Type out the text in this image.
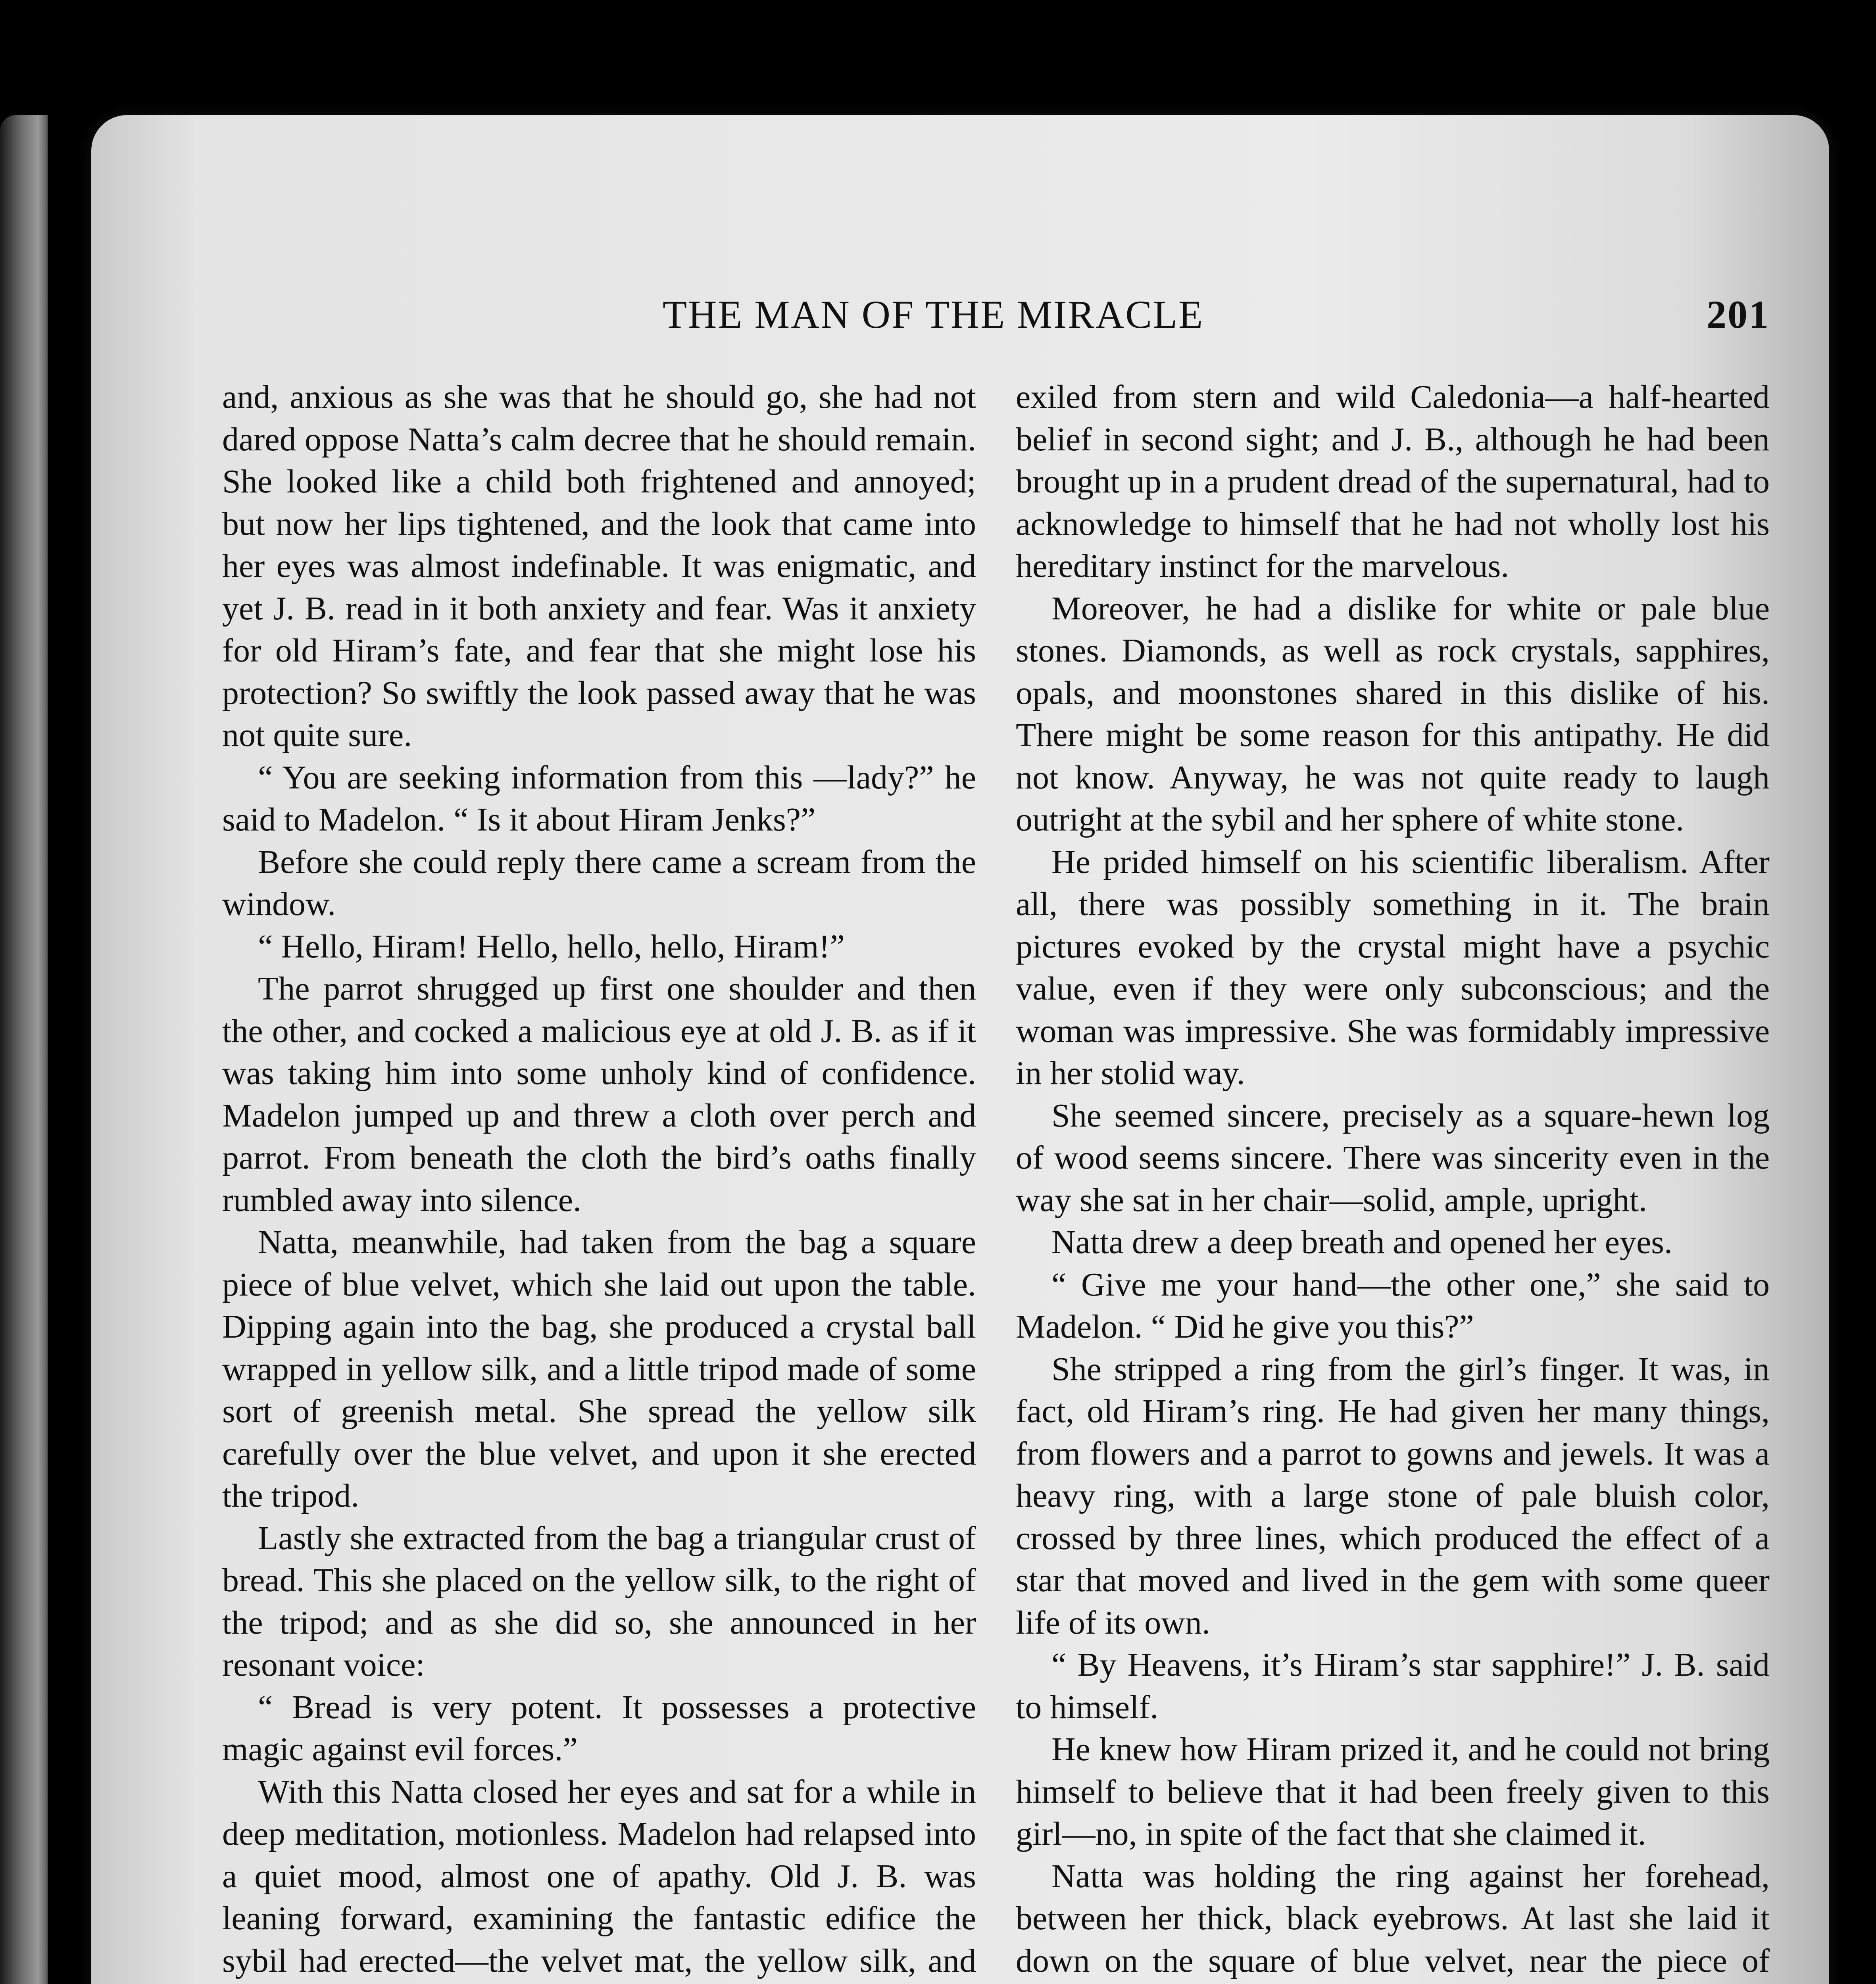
THE MAN OF THE MIRACLE	201

and, anxious as she was that he should go, she had not dared oppose Natta’s calm decree that he should remain. She looked like a child both frightened and annoyed; but now her lips tightened, and the look that came into her eyes was almost indefinable. It was enigmatic, and yet J. B. read in it both anxiety and fear. Was it anxiety for old Hiram’s fate, and fear that she might lose his protection? So swiftly the look passed away that he was not quite sure.

“ You are seeking information from this —lady?” he said to Madelon. “ Is it about Hiram Jenks?”

Before she could reply there came a scream from the window.

“ Hello, Hiram! Hello, hello, hello, Hiram!”

The parrot shrugged up first one shoulder and then the other, and cocked a malicious eye at old J. B. as if it was taking him into some unholy kind of confidence. Madelon jumped up and threw a cloth over perch and parrot. From beneath the cloth the bird’s oaths finally rumbled away into silence.

Natta, meanwhile, had taken from the bag a square piece of blue velvet, which she laid out upon the table. Dipping again into the bag, she produced a crystal ball wrapped in yellow silk, and a little tripod made of some sort of greenish metal. She spread the yellow silk carefully over the blue velvet, and upon it she erected the tripod.

Lastly she extracted from the bag a triangular crust of bread. This she placed on the yellow silk, to the right of the tripod; and as she did so, she announced in her resonant voice:

“ Bread is very potent. It possesses a protective magic against evil forces.”

With this Natta closed her eyes and sat for a while in deep meditation, motionless. Madelon had relapsed into a quiet mood, almost one of apathy. Old J. B. was leaning forward, examining the fantastic edifice the sybil had erected—the velvet mat, the yellow silk, and

exiled from stern and wild Caledonia—a half-hearted belief in second sight; and J. B., although he had been brought up in a prudent dread of the supernatural, had to acknowledge to himself that he had not wholly lost his hereditary instinct for the marvelous.

Moreover, he had a dislike for white or pale blue stones. Diamonds, as well as rock crystals, sapphires, opals, and moonstones shared in this dislike of his. There might be some reason for this antipathy. He did not know. Anyway, he was not quite ready to laugh outright at the sybil and her sphere of white stone.

He prided himself on his scientific liberalism. After all, there was possibly something in it. The brain pictures evoked by the crystal might have a psychic value, even if they were only subconscious; and the woman was impressive. She was formidably impressive in her stolid way.

She seemed sincere, precisely as a square-hewn log of wood seems sincere. There was sincerity even in the way she sat in her chair—solid, ample, upright.

Natta drew a deep breath and opened her eyes.

“ Give me your hand—the other one,” she said to Madelon. “ Did he give you this?”

She stripped a ring from the girl’s finger. It was, in fact, old Hiram’s ring. He had given her many things, from flowers and a parrot to gowns and jewels. It was a heavy ring, with a large stone of pale bluish color, crossed by three lines, which produced the effect of a star that moved and lived in the gem with some queer life of its own.

“ By Heavens, it’s Hiram’s star sapphire!” J. B. said to himself.

He knew how Hiram prized it, and he could not bring himself to believe that it had been freely given to this girl—no, in spite of the fact that she claimed it.

Natta was holding the ring against her forehead, between her thick, black eyebrows. At last she laid it down on the square of blue velvet, near the piece of
